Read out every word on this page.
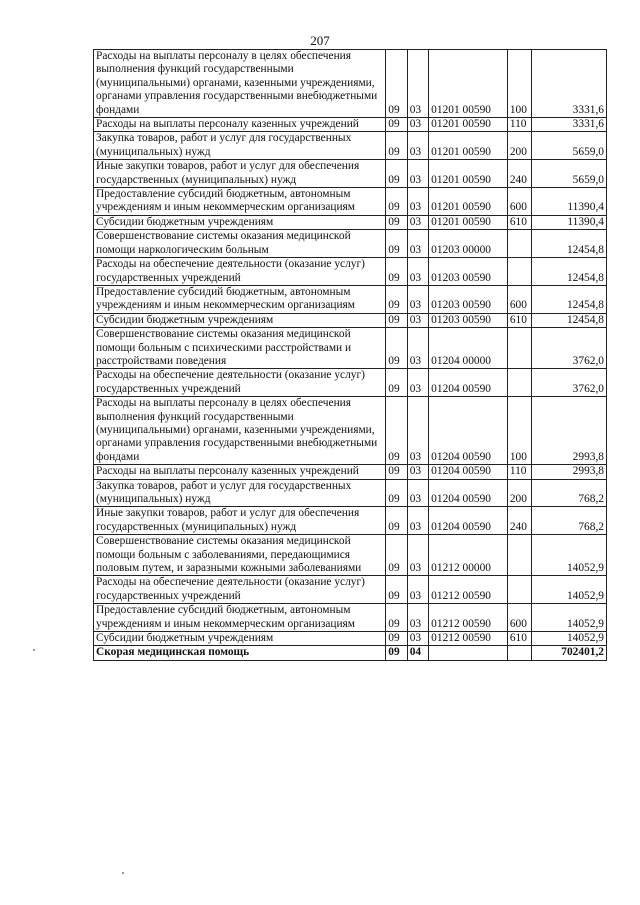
207
Расходы на выплаты персоналу в целях обеспечения выполнения функций государственными (муниципальными) органами, казенными учреждениями, органами управления государственными внебюджетными фондами	09	03	01201 00590	100	3331,6
Расходы на выплаты персоналу казенных учреждений	09	03	01201 00590	110	3331,6
Закупка товаров, работ и услуг для государственных (муниципальных) нужд	09	03	01201 00590	200	5659,0
Иные закупки товаров, работ и услуг для обеспечения государственных (муниципальных) нужд	09	03	01201 00590	240	5659,0
Предоставление субсидий бюджетным, автономным учреждениям и иным некоммерческим организациям	09	03	01201 00590	600	11390,4
Субсидии бюджетным учреждениям	09	03	01201 00590	610	11390,4
Совершенствование системы оказания медицинской помощи наркологическим больным	09	03	01203 00000		12454,8
Расходы на обеспечение деятельности (оказание услуг) государственных учреждений	09	03	01203 00590		12454,8
Предоставление субсидий бюджетным, автономным учреждениям и иным некоммерческим организациям	09	03	01203 00590	600	12454,8
Субсидии бюджетным учреждениям	09	03	01203 00590	610	12454,8
Совершенствование системы оказания медицинской помощи больным с психическими расстройствами и расстройствами поведения	09	03	01204 00000		3762,0
Расходы на обеспечение деятельности (оказание услуг) государственных учреждений	09	03	01204 00590		3762,0
Расходы на выплаты персоналу в целях обеспечения выполнения функций государственными (муниципальными) органами, казенными учреждениями, органами управления государственными внебюджетными фондами	09	03	01204 00590	100	2993,8
Расходы на выплаты персоналу казенных учреждений	09	03	01204 00590	110	2993,8
Закупка товаров, работ и услуг для государственных (муниципальных) нужд	09	03	01204 00590	200	768,2
Иные закупки товаров, работ и услуг для обеспечения государственных (муниципальных) нужд	09	03	01204 00590	240	768,2
Совершенствование системы оказания медицинской помощи больным с заболеваниями, передающимися половым путем, и заразными кожными заболеваниями	09	03	01212 00000		14052,9
Расходы на обеспечение деятельности (оказание услуг) государственных учреждений	09	03	01212 00590		14052,9
Предоставление субсидий бюджетным, автономным учреждениям и иным некоммерческим организациям	09	03	01212 00590	600	14052,9
Субсидии бюджетным учреждениям	09	03	01212 00590	610	14052,9
Скорая медицинская помощь	09	04			702401,2
